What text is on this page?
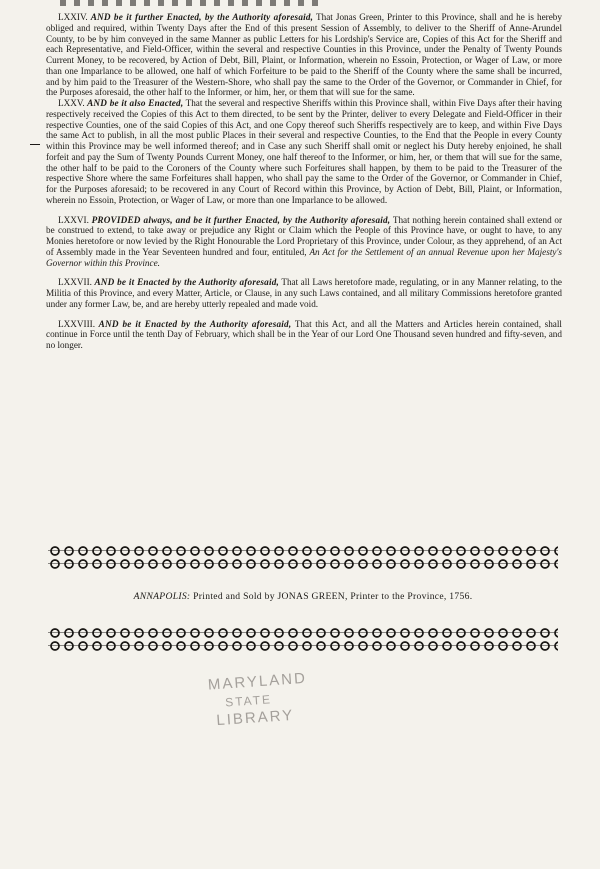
LXXIV. AND be it further Enacted, by the Authority aforesaid, That Jonas Green, Printer to this Province, shall and he is hereby obliged and required, within Twenty Days after the End of this present Session of Assembly, to deliver to the Sheriff of Anne-Arundel County, to be by him conveyed in the same Manner as public Letters for his Lordship's Service are, Copies of this Act for the Sheriff and each Representative, and Field-Officer, within the several and respective Counties in this Province, under the Penalty of Twenty Pounds Current Money, to be recovered, by Action of Debt, Bill, Plaint, or Information, wherein no Essoin, Protection, or Wager of Law, or more than one Imparlance to be allowed, one half of which Forfeiture to be paid to the Sheriff of the County where the same shall be incurred, and by him paid to the Treasurer of the Western-Shore, who shall pay the same to the Order of the Governor, or Commander in Chief, for the Purposes aforesaid, the other half to the Informer, or him, her, or them that will sue for the same.

LXXV. AND be it also Enacted, That the several and respective Sheriffs within this Province shall, within Five Days after their having respectively received the Copies of this Act to them directed, to be sent by the Printer, deliver to every Delegate and Field-Officer in their respective Counties, one of the said Copies of this Act, and one Copy thereof such Sheriffs respectively are to keep, and within Five Days the same Act to publish, in all the most public Places in their several and respective Counties, to the End that the People in every County within this Province may be well informed thereof; and in Case any such Sheriff shall omit or neglect his Duty hereby enjoined, he shall forfeit and pay the Sum of Twenty Pounds Current Money, one half thereof to the Informer, or him, her, or them that will sue for the same, the other half to be paid to the Coroners of the County where such Forfeitures shall happen, by them to be paid to the Treasurer of the respective Shore where the same Forfeitures shall happen, who shall pay the same to the Order of the Governor, or Commander in Chief, for the Purposes aforesaid; to be recovered in any Court of Record within this Province, by Action of Debt, Bill, Plaint, or Information, wherein no Essoin, Protection, or Wager of Law, or more than one Imparlance to be allowed.

LXXVI. PROVIDED always, and be it further Enacted, by the Authority aforesaid, That nothing herein contained shall extend or be construed to extend, to take away or prejudice any Right or Claim which the People of this Province have, or ought to have, to any Monies heretofore or now levied by the Right Honourable the Lord Proprietary of this Province, under Colour, as they apprehend, of an Act of Assembly made in the Year Seventeen hundred and four, entituled, An Act for the Settlement of an annual Revenue upon her Majesty's Governor within this Province.

LXXVII. AND be it Enacted by the Authority aforesaid, That all Laws heretofore made, regulating, or in any Manner relating, to the Militia of this Province, and every Matter, Article, or Clause, in any such Laws contained, and all military Commissions heretofore granted under any former Law, be, and are hereby utterly repealed and made void.

LXXVIII. AND be it Enacted by the Authority aforesaid, That this Act, and all the Matters and Articles herein contained, shall continue in Force until the tenth Day of February, which shall be in the Year of our Lord One Thousand seven hundred and fifty-seven, and no longer.

ANNAPOLIS: Printed and Sold by JONAS GREEN, Printer to the Province, 1756.
MARYLAND
STATE
LIBRARY
